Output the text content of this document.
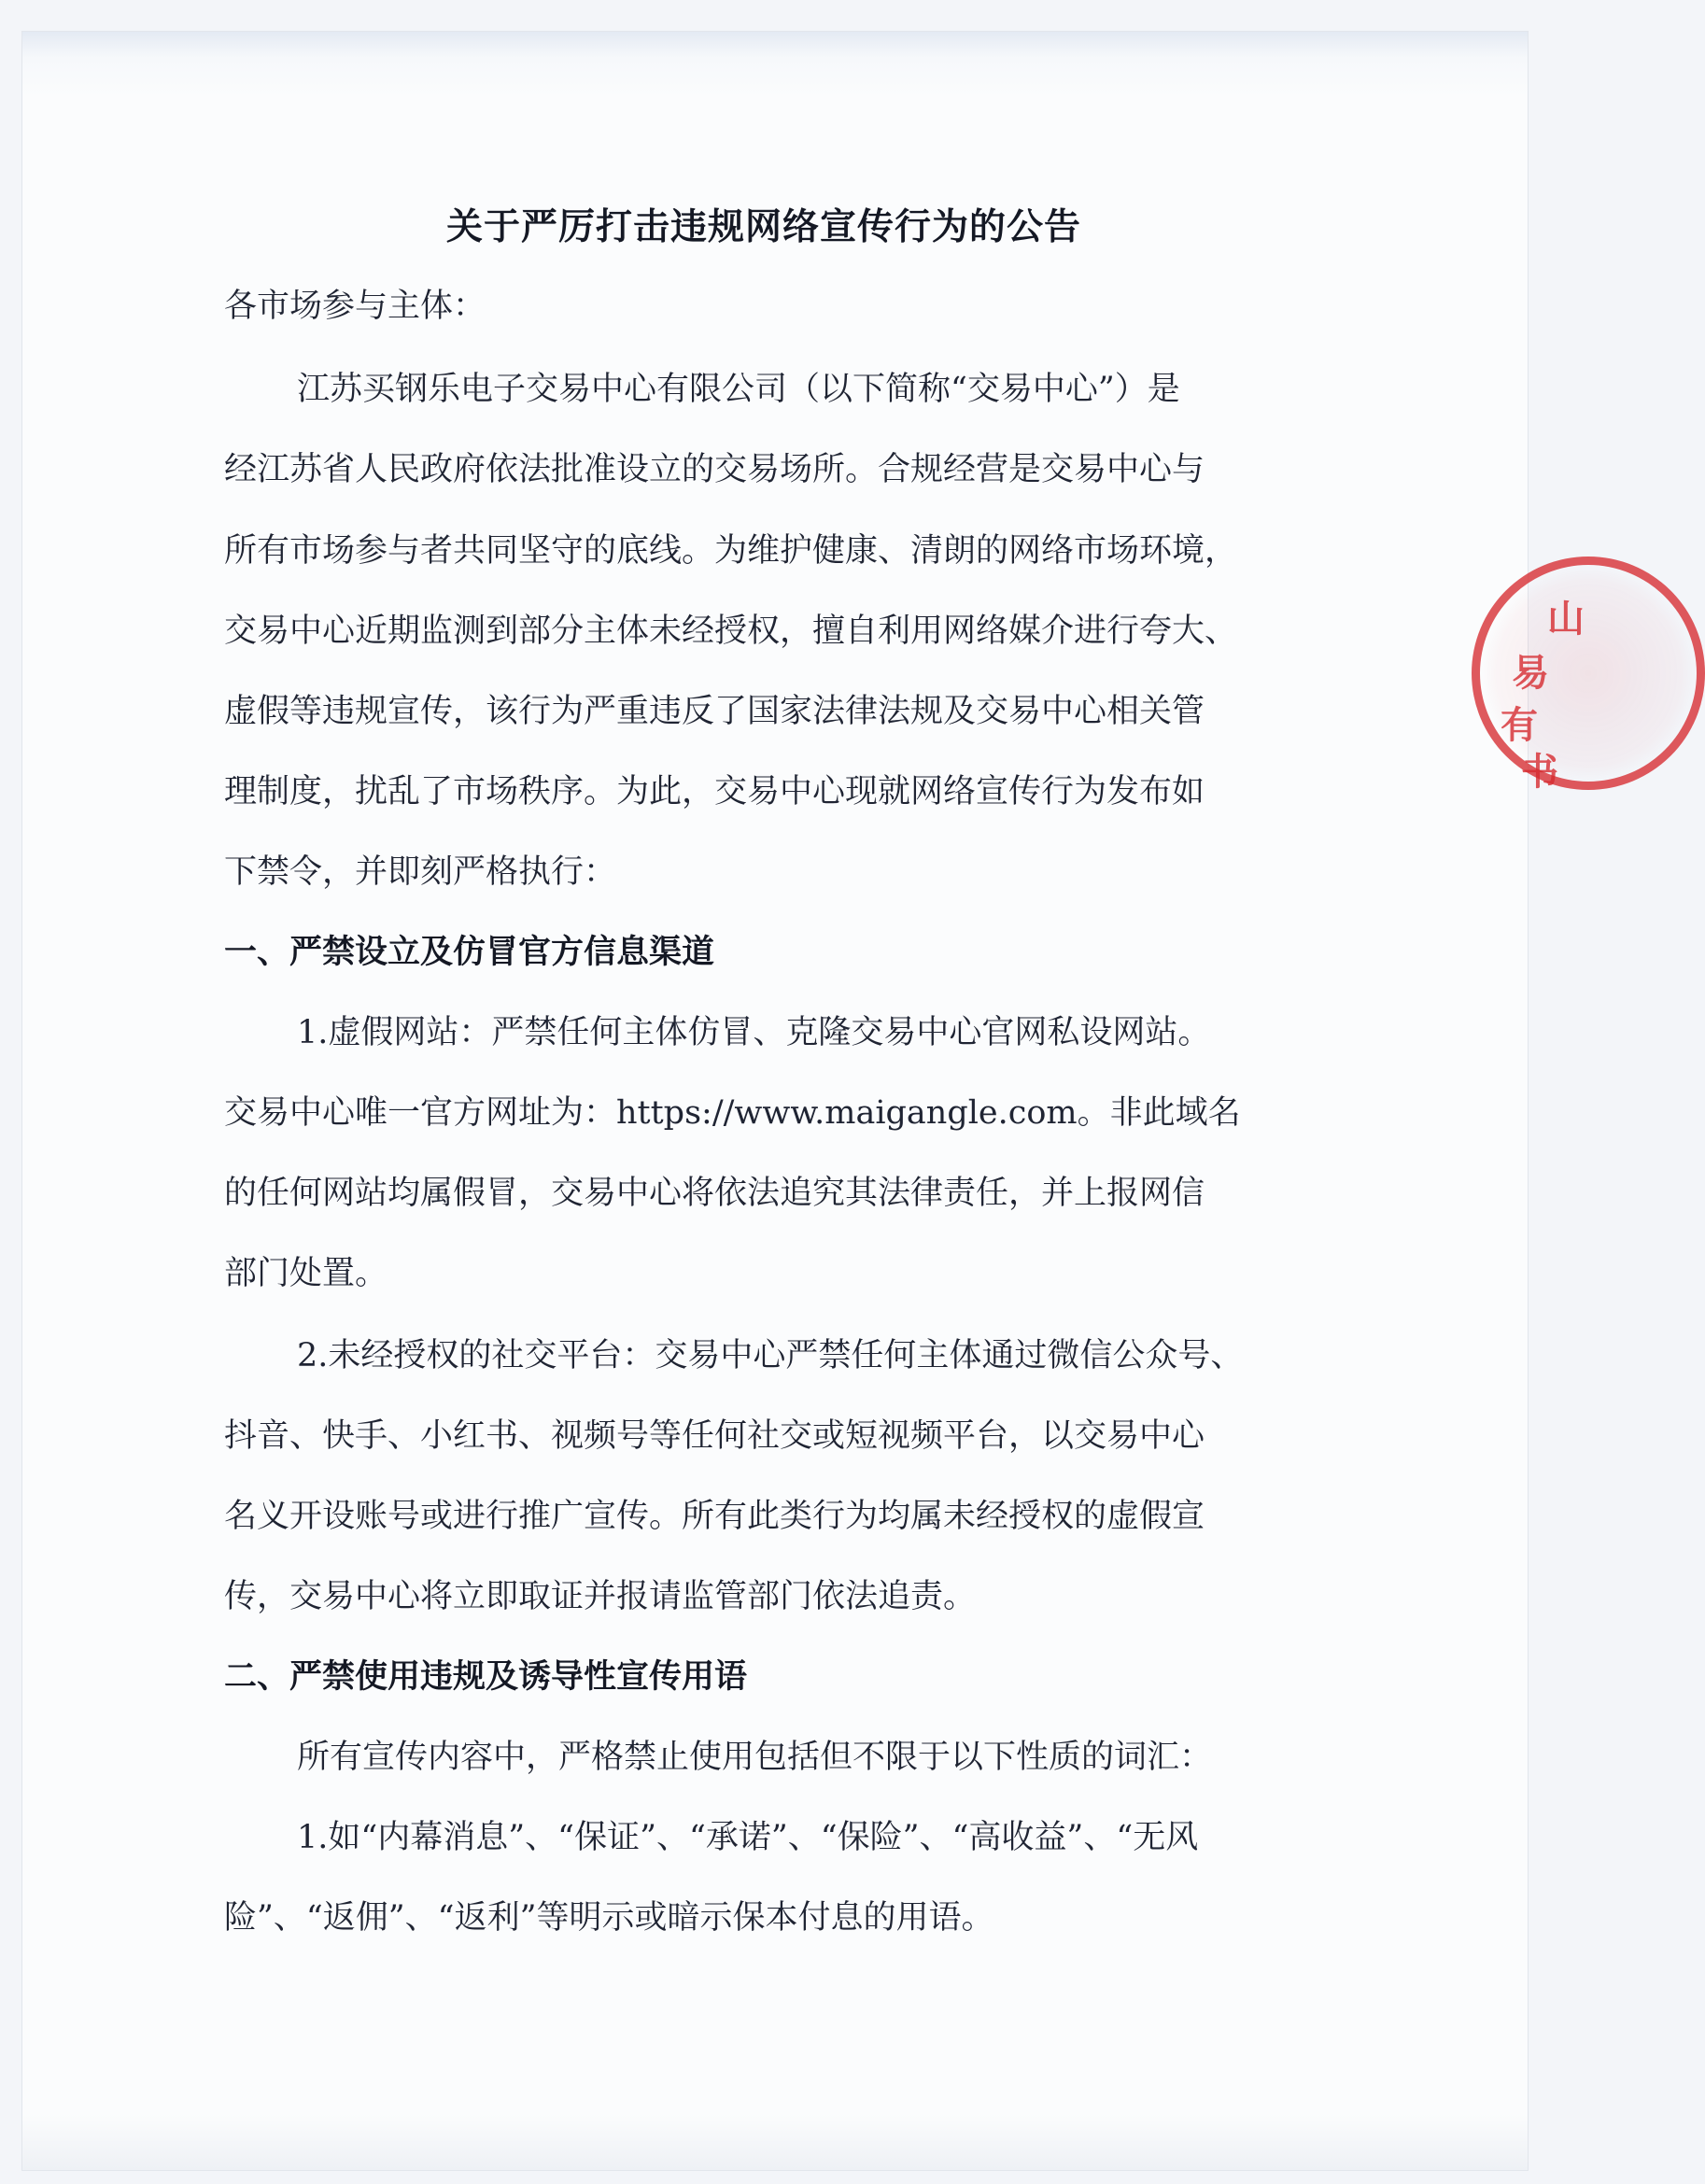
关于严厉打击违规网络宣传行为的公告
各市场参与主体：
江苏买钢乐电子交易中心有限公司（以下简称“交易中心”）是
经江苏省人民政府依法批准设立的交易场所。合规经营是交易中心与
所有市场参与者共同坚守的底线。为维护健康、清朗的网络市场环境，
交易中心近期监测到部分主体未经授权，擅自利用网络媒介进行夸大、
虚假等违规宣传，该行为严重违反了国家法律法规及交易中心相关管
理制度，扰乱了市场秩序。为此，交易中心现就网络宣传行为发布如
下禁令，并即刻严格执行：
一、严禁设立及仿冒官方信息渠道
1.虚假网站：严禁任何主体仿冒、克隆交易中心官网私设网站。
交易中心唯一官方网址为：https://www.maigangle.com。非此域名
的任何网站均属假冒，交易中心将依法追究其法律责任，并上报网信
部门处置。
2.未经授权的社交平台：交易中心严禁任何主体通过微信公众号、
抖音、快手、小红书、视频号等任何社交或短视频平台，以交易中心
名义开设账号或进行推广宣传。所有此类行为均属未经授权的虚假宣
传，交易中心将立即取证并报请监管部门依法追责。
二、严禁使用违规及诱导性宣传用语
所有宣传内容中，严格禁止使用包括但不限于以下性质的词汇：
1.如“内幕消息”、“保证”、“承诺”、“保险”、“高收益”、“无风
险”、“返佣”、“返利”等明示或暗示保本付息的用语。
山
易
有
书
